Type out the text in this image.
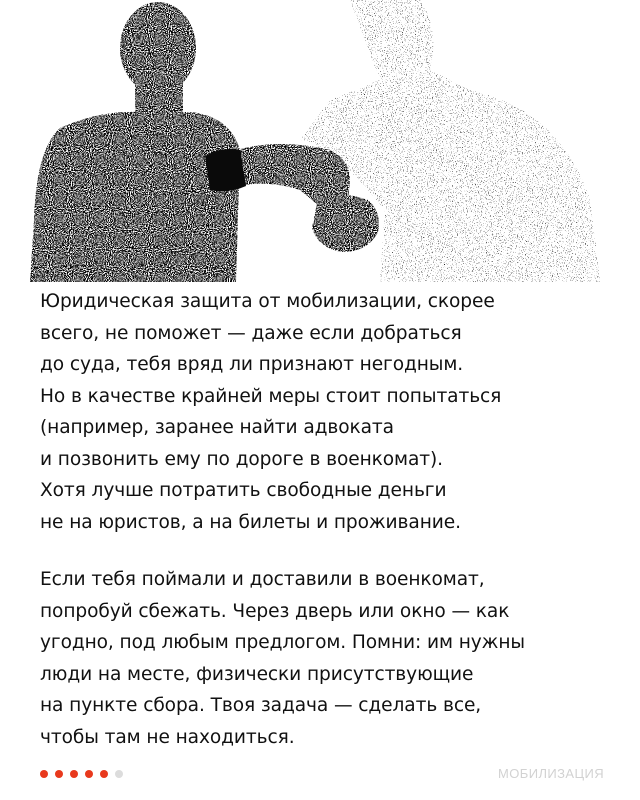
Юридическая защита от мобилизации, скорее
всего, не поможет — даже если добраться
до суда, тебя вряд ли признают негодным.
Но в качестве крайней меры стоит попытаться
(например, заранее найти адвоката
и позвонить ему по дороге в военкомат).
Хотя лучше потратить свободные деньги
не на юристов, а на билеты и проживание.

Если тебя поймали и доставили в военкомат,
попробуй сбежать. Через дверь или окно — как
угодно, под любым предлогом. Помни: им нужны
люди на месте, физически присутствующие
на пункте сбора. Твоя задача — сделать все,
чтобы там не находиться.

МОБИЛИЗАЦИЯ
